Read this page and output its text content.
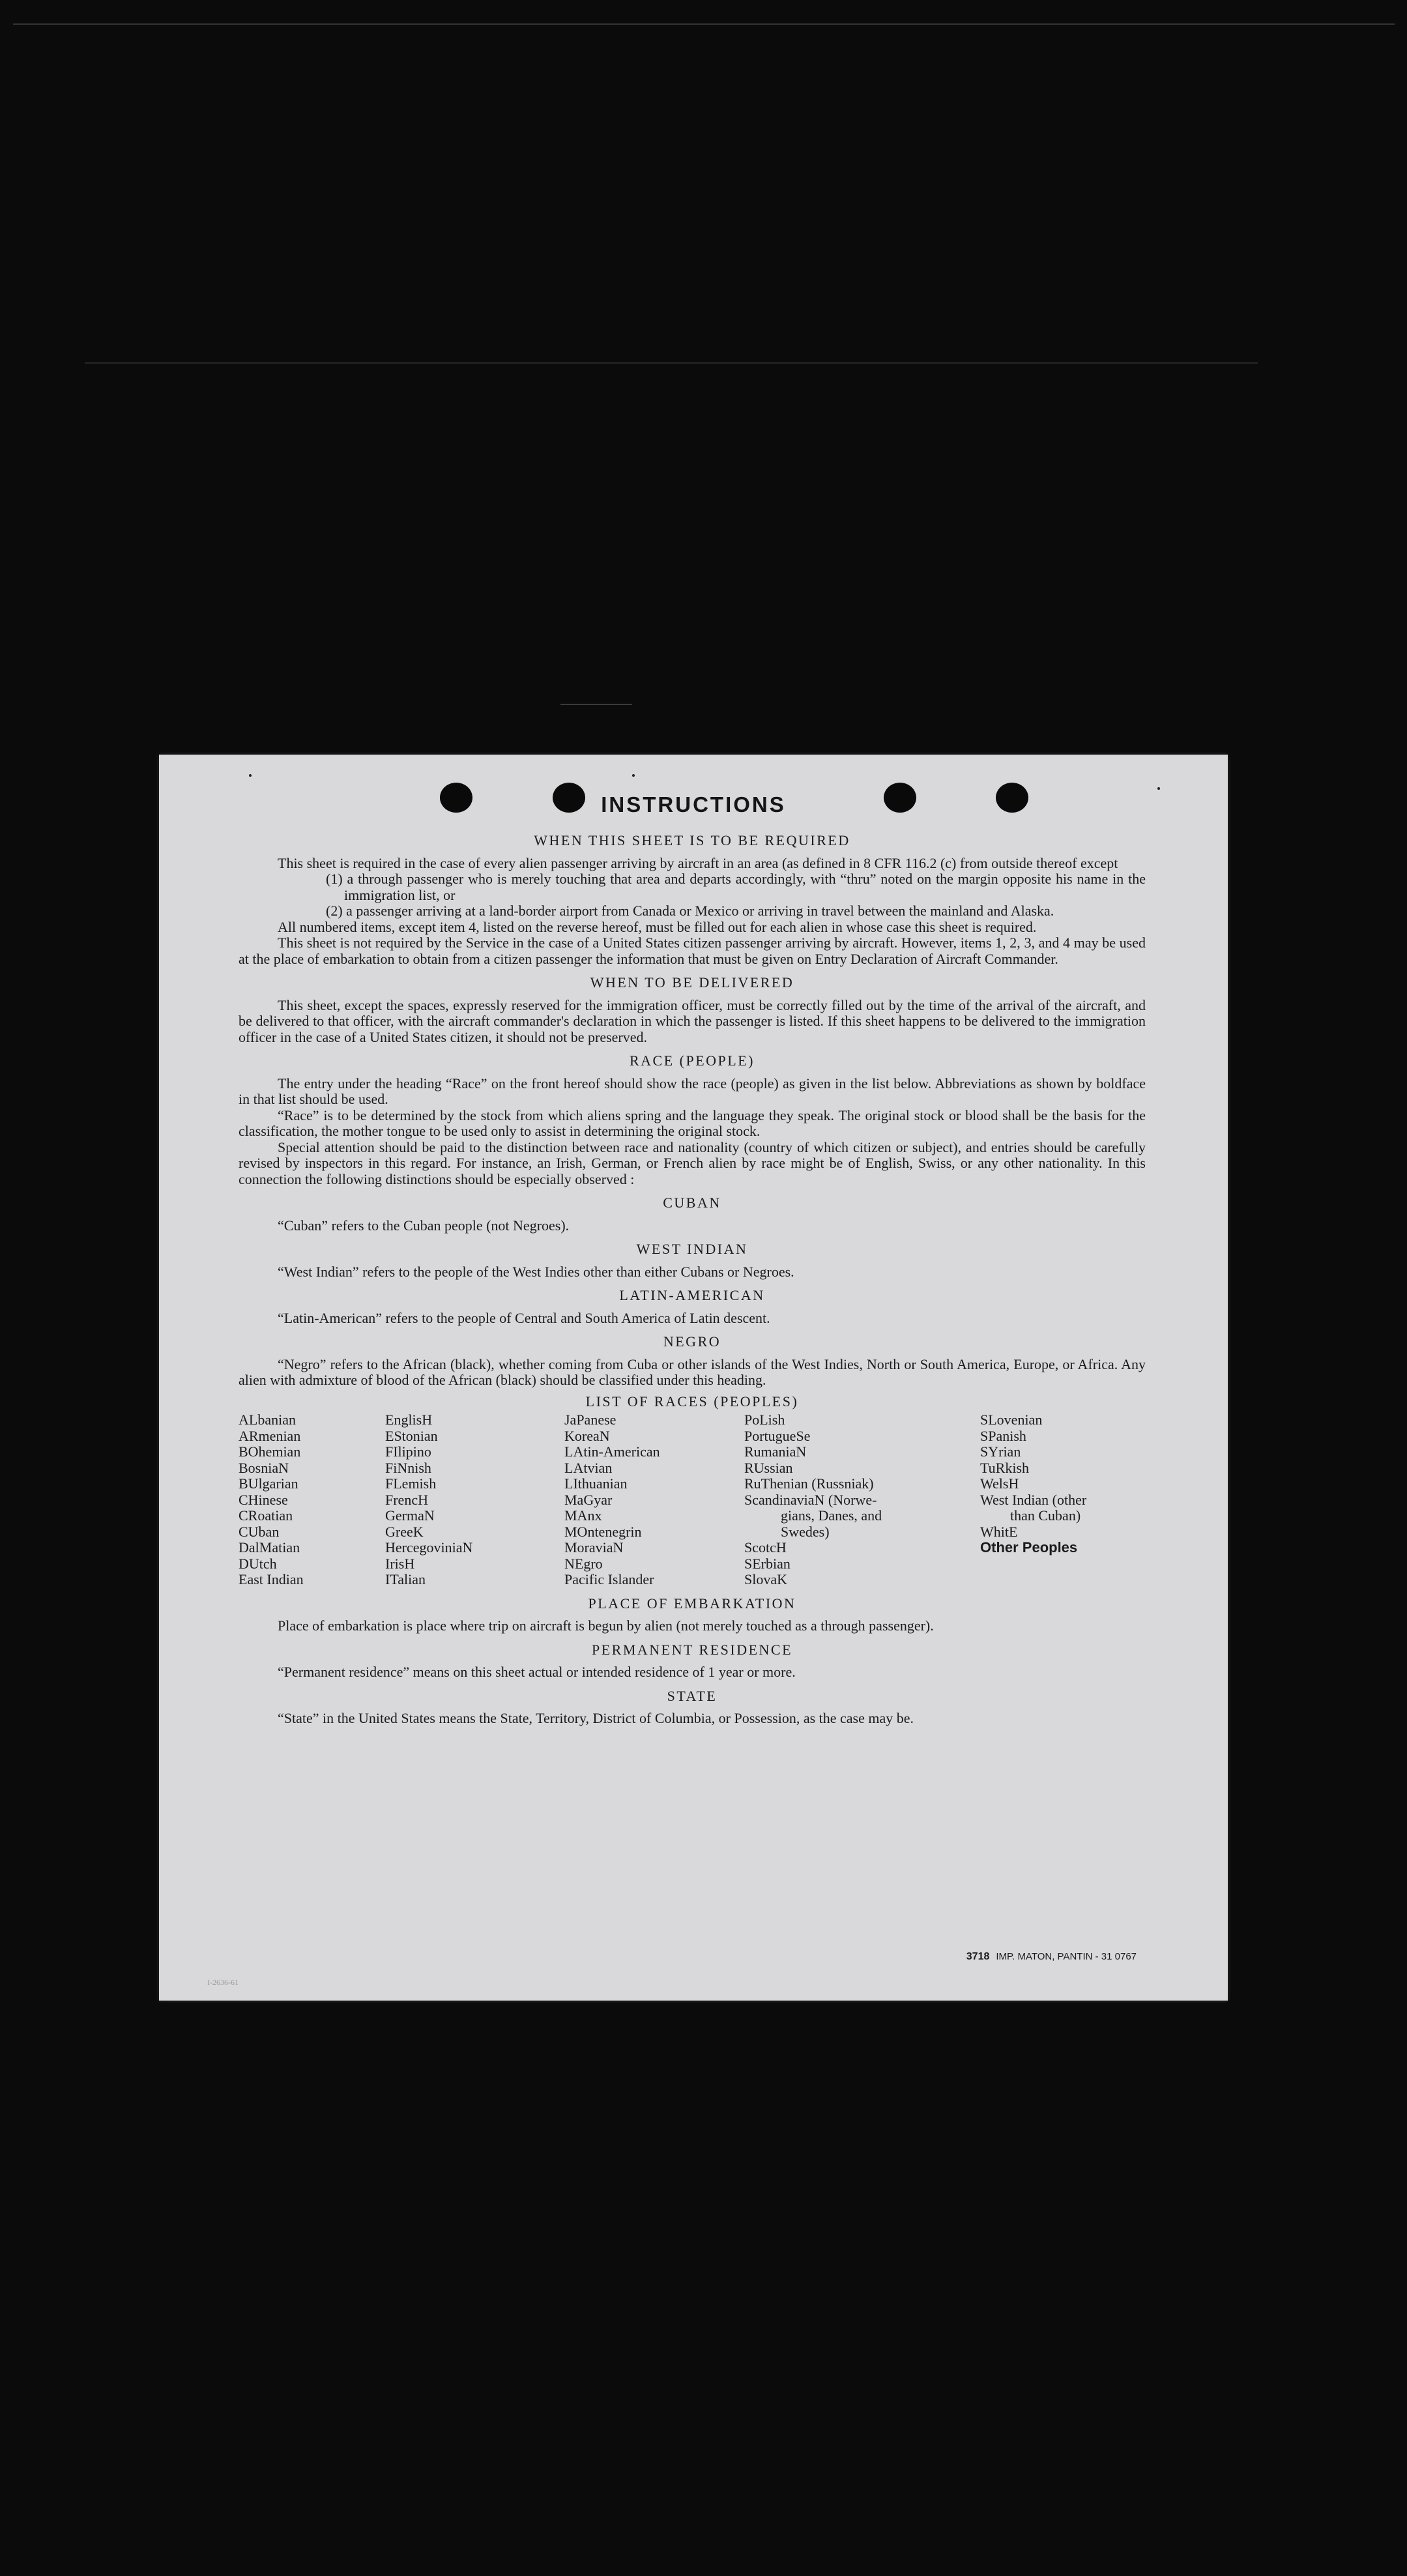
INSTRUCTIONS
WHEN THIS SHEET IS TO BE REQUIRED

This sheet is required in the case of every alien passenger arriving by aircraft in an area (as defined in 8 CFR 116.2 (c) from outside thereof except

(1) a through passenger who is merely touching that area and departs accordingly, with “thru” noted on the margin opposite his name in the immigration list, or
(2) a passenger arriving at a land-border airport from Canada or Mexico or arriving in travel between the mainland and Alaska.

All numbered items, except item 4, listed on the reverse hereof, must be filled out for each alien in whose case this sheet is required.

This sheet is not required by the Service in the case of a United States citizen passenger arriving by aircraft. However, items 1, 2, 3, and 4 may be used at the place of embarkation to obtain from a citizen passenger the information that must be given on Entry Declaration of Aircraft Commander.

WHEN TO BE DELIVERED

This sheet, except the spaces, expressly reserved for the immigration officer, must be correctly filled out by the time of the arrival of the aircraft, and be delivered to that officer, with the aircraft commander's declaration in which the passenger is listed. If this sheet happens to be delivered to the immigration officer in the case of a United States citizen, it should not be preserved.

RACE (PEOPLE)

The entry under the heading “Race” on the front hereof should show the race (people) as given in the list below. Abbreviations as shown by boldface in that list should be used.

“Race” is to be determined by the stock from which aliens spring and the language they speak. The original stock or blood shall be the basis for the classification, the mother tongue to be used only to assist in determining the original stock.

Special attention should be paid to the distinction between race and nationality (country of which citizen or subject), and entries should be carefully revised by inspectors in this regard. For instance, an Irish, German, or French alien by race might be of English, Swiss, or any other nationality. In this connection the following distinctions should be especially observed :

CUBAN

“Cuban” refers to the Cuban people (not Negroes).

WEST INDIAN

“West Indian” refers to the people of the West Indies other than either Cubans or Negroes.

LATIN-AMERICAN

“Latin-American” refers to the people of Central and South America of Latin descent.

NEGRO

“Negro” refers to the African (black), whether coming from Cuba or other islands of the West Indies, North or South America, Europe, or Africa. Any alien with admixture of blood of the African (black) should be classified under this heading.

LIST OF RACES (PEOPLES)
ALbanian
ARmenian
BOhemian
BosniaN
BUlgarian
CHinese
CRoatian
CUban
DalMatian
DUtch
East Indian
EnglisH
EStonian
FIlipino
FiNnish
FLemish
FrencH
GermaN
GreeK
HercegoviniaN
IrisH
ITalian
JaPanese
KoreaN
LAtin-American
LAtvian
LIthuanian
MaGyar
MAnx
MOntenegrin
MoraviaN
NEgro
Pacific Islander
PoLish
PortugueSe
RumaniaN
RUssian
RuThenian (Russniak)
ScandinaviaN (Norwe-
gians, Danes, and
Swedes)
ScotcH
SErbian
SlovaK
SLovenian
SPanish
SYrian
TuRkish
WelsH
West Indian (other
than Cuban)
WhitE
Other Peoples
PLACE OF EMBARKATION

Place of embarkation is place where trip on aircraft is begun by alien (not merely touched as a through passenger).

PERMANENT RESIDENCE

“Permanent residence” means on this sheet actual or intended residence of 1 year or more.

STATE

“State” in the United States means the State, Territory, District of Columbia, or Possession, as the case may be.

3718 IMP. MATON, PANTIN - 31 0767
I-2636-61
